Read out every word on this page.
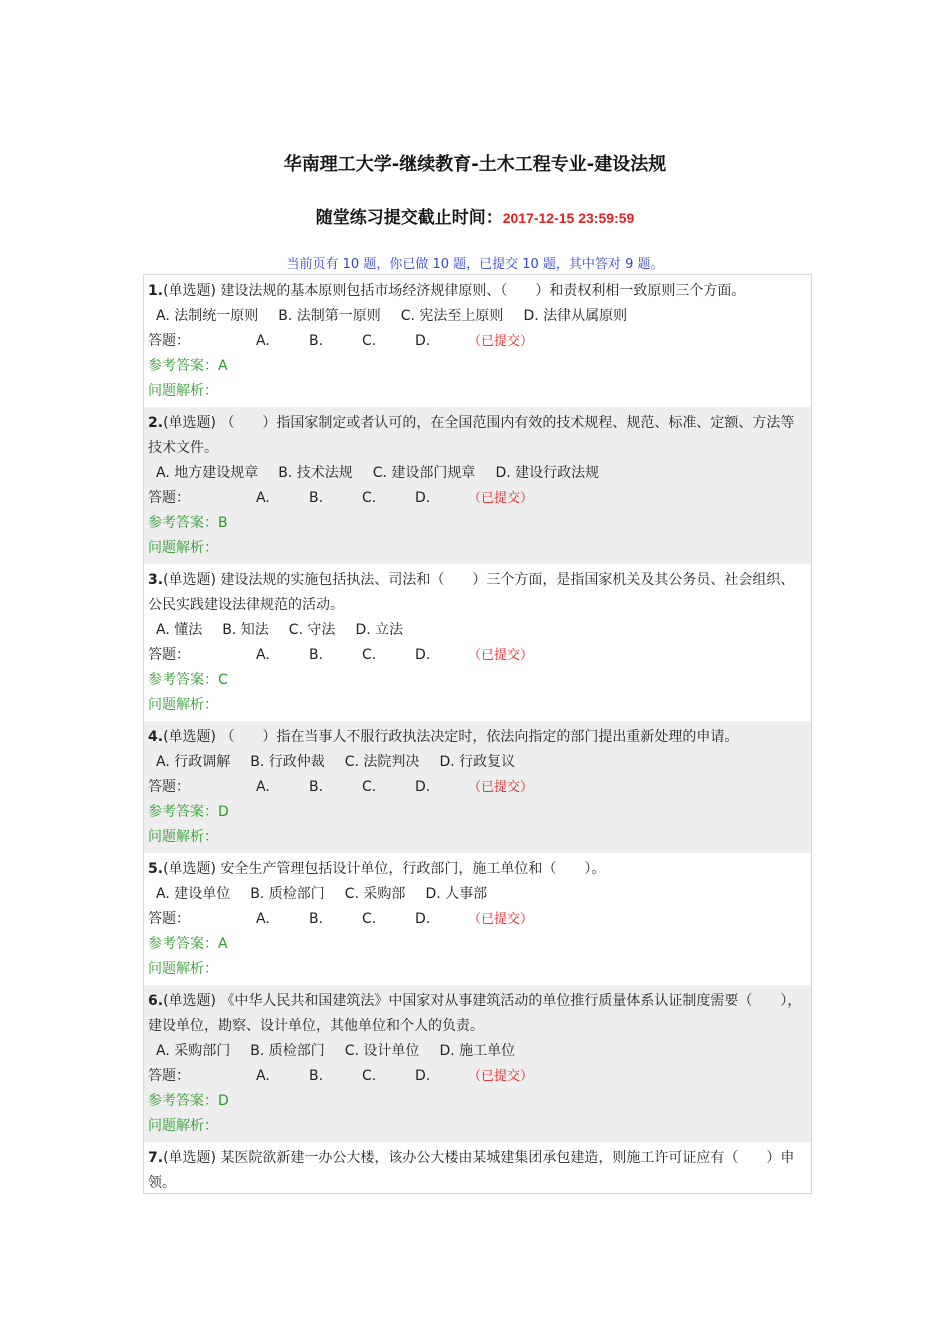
华南理工大学-继续教育-土木工程专业-建设法规
随堂练习提交截止时间：2017-12-15 23:59:59
当前页有 10 题，你已做 10 题，已提交 10 题，其中答对 9 题。
1.(单选题) 建设法规的基本原则包括市场经济规律原则、（　　）和责权利相一致原则三个方面。
A. 法制统一原则 B. 法制第一原则 C. 宪法至上原则 D. 法律从属原则
答题：	A.	B.	C.	D.	（已提交）
参考答案：A
问题解析：
2.(单选题) （　　）指国家制定或者认可的，在全国范围内有效的技术规程、规范、标准、定额、方法等技术文件。
A. 地方建设规章 B. 技术法规 C. 建设部门规章 D. 建设行政法规
答题：	A.	B.	C.	D.	（已提交）
参考答案：B
问题解析：
3.(单选题) 建设法规的实施包括执法、司法和（　　）三个方面，是指国家机关及其公务员、社会组织、公民实践建设法律规范的活动。
A. 懂法 B. 知法 C. 守法 D. 立法
答题：	A.	B.	C.	D.	（已提交）
参考答案：C
问题解析：
4.(单选题) （　　）指在当事人不服行政执法决定时，依法向指定的部门提出重新处理的申请。
A. 行政调解 B. 行政仲裁 C. 法院判决 D. 行政复议
答题：	A.	B.	C.	D.	（已提交）
参考答案：D
问题解析：
5.(单选题) 安全生产管理包括设计单位，行政部门，施工单位和（　　）。
A. 建设单位 B. 质检部门 C. 采购部 D. 人事部
答题：	A.	B.	C.	D.	（已提交）
参考答案：A
问题解析：
6.(单选题) 《中华人民共和国建筑法》中国家对从事建筑活动的单位推行质量体系认证制度需要（　　），建设单位，勘察、设计单位，其他单位和个人的负责。
A. 采购部门 B. 质检部门 C. 设计单位 D. 施工单位
答题：	A.	B.	C.	D.	（已提交）
参考答案：D
问题解析：
7.(单选题) 某医院欲新建一办公大楼，该办公大楼由某城建集团承包建造，则施工许可证应有（　　）申领。
